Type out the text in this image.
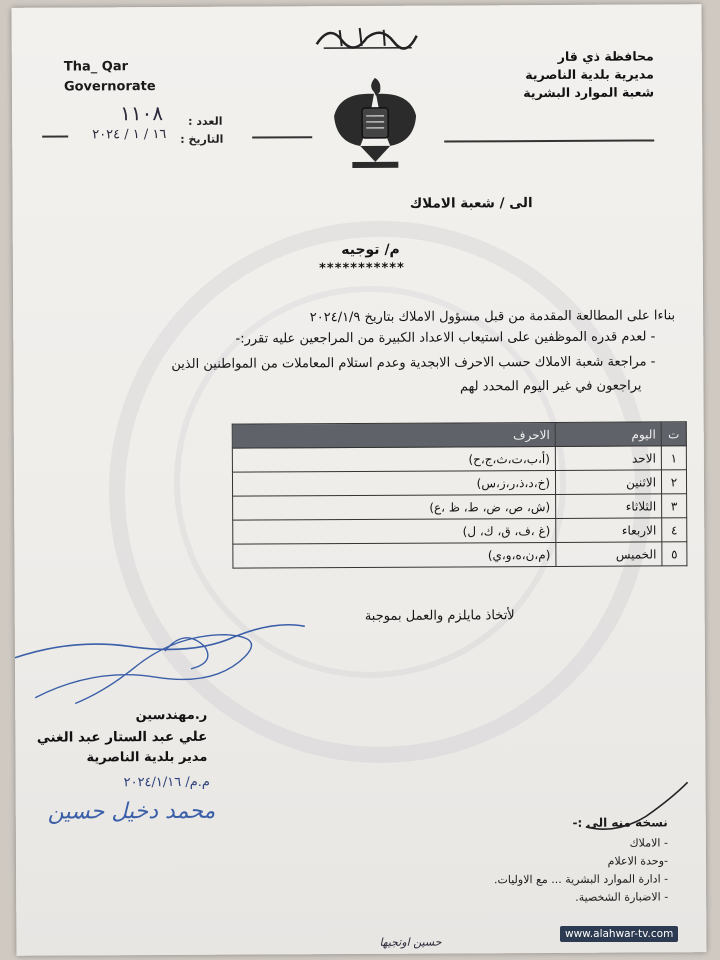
Tha_ Qar
Governorate
محافظة ذي قار
مديرية بلدية الناصرية
شعبة الموارد البشرية
العدد :
١١٠٨
التاريخ :
١٦ / ١ / ٢٠٢٤
الى / شعبة الاملاك
م/ توجيه
***********
بناءا على المطالعة المقدمة من قبل مسؤول الاملاك بتاريخ ٢٠٢٤/١/٩
- لعدم قدره الموظفين على استيعاب الاعداد الكبيرة من المراجعين عليه تقرر:-
- مراجعة شعبة الاملاك حسب الاحرف الابجدية وعدم استلام المعاملات من المواطنين الذين
يراجعون في غير اليوم المحدد لهم
ت	اليوم	الاحرف
١	الاحد	(أ،ب،ت،ث،ج،ح)
٢	الاثنين	(خ،د،ذ،ر،ز،س)
٣	الثلاثاء	(ش، ص، ض، ط، ظ ،ع)
٤	الاربعاء	(غ ،ف، ق، ك، ل)
٥	الخميس	(م،ن،ه،و،ي)
لأتخاذ مايلزم والعمل بموجبة
ر.مهندسين
علي عبد الستار عبد الغني
مدير بلدية الناصرية
م.م/ ٢٠٢٤/١/١٦
محمد دخيل حسين	نسخة منه الى :-
- الاملاك
-وحدة الاعلام
- ادارة الموارد البشرية ... مع الاوليات.
- الاضبارة الشخصية.
حسين اوتجيها
www.alahwar-tv.com
